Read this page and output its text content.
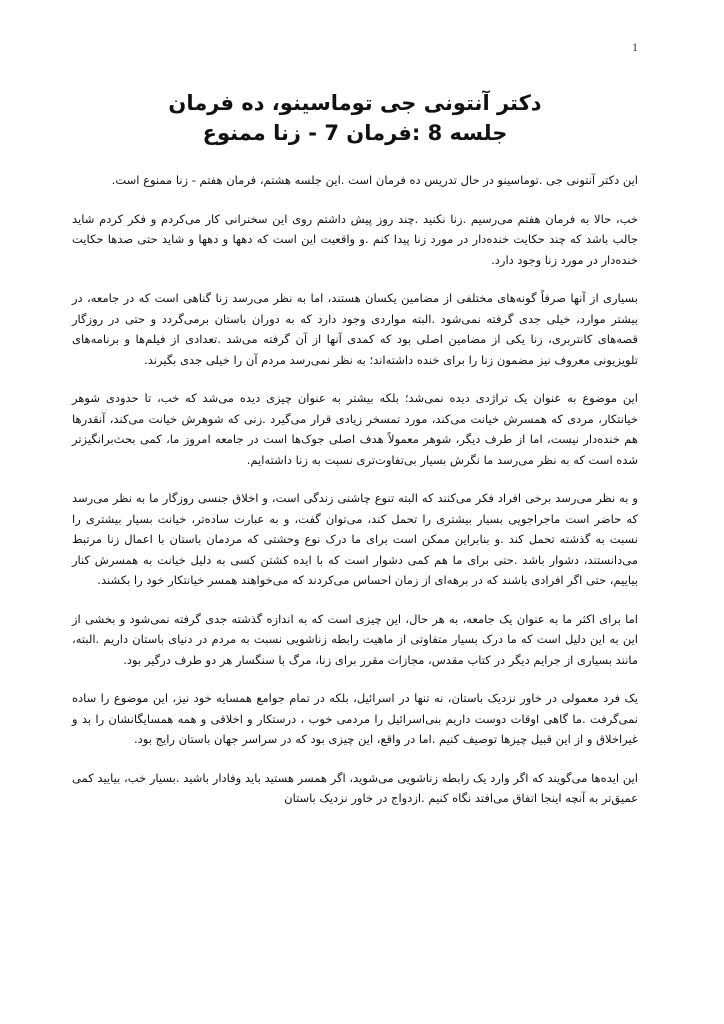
1
دکتر آنتونی جی توماسینو، ده فرمان
جلسه 8 :فرمان 7 - زنا ممنوع

این دکتر آنتونی جی .توماسینو در حال تدریس ده فرمان است .این جلسه هشتم، فرمان هفتم - زنا ممنوع است.

خب، حالا به فرمان هفتم می‌رسیم .زنا نکنید .چند روز پیش داشتم روی این سخنرانی کار می‌کردم و فکر کردم شاید جالب باشد که چند حکایت خنده‌دار در مورد زنا پیدا کنم .و واقعیت این است که دهها و دهها و شاید حتی صدها حکایت خنده‌دار در مورد زنا وجود دارد.

بسیاری از آنها صرفاً گونه‌های مختلفی از مضامین یکسان هستند، اما به نظر می‌رسد زنا گناهی است که در جامعه، در بیشتر موارد، خیلی جدی گرفته نمی‌شود .البته مواردی وجود دارد که به دوران باستان برمی‌گردد و حتی در روزگار قصه‌های کانتربری، زنا یکی از مضامین اصلی بود که کمدی آنها از آن گرفته می‌شد .تعدادی از فیلم‌ها و برنامه‌های تلویزیونی معروف نیز مضمون زنا را برای خنده داشته‌اند؛ به نظر نمی‌رسد مردم آن را خیلی جدی بگیرند.

این موضوع به عنوان یک تراژدی دیده نمی‌شد؛ بلکه بیشتر به عنوان چیزی دیده می‌شد که خب، تا حدودی شوهر خیانتکار، مردی که همسرش خیانت می‌کند، مورد تمسخر زیادی قرار می‌گیرد .زنی که شوهرش خیانت می‌کند، آنقدرها هم خنده‌دار نیست، اما از طرف دیگر، شوهر معمولاً هدف اصلی جوک‌ها است در جامعه امروز ما، کمی بحث‌برانگیزتر شده است که به نظر می‌رسد ما نگرش بسیار بی‌تفاوت‌تری نسبت به زنا داشته‌ایم.

و به نظر می‌رسد برخی افراد فکر می‌کنند که البته تنوع چاشنی زندگی است، و اخلاق جنسی روزگار ما به نظر می‌رسد که حاضر است ماجراجویی بسیار بیشتری را تحمل کند، می‌توان گفت، و به عبارت ساده‌تر، خیانت بسیار بیشتری را نسبت به گذشته تحمل کند .و بنابراین ممکن است برای ما درک نوع وحشتی که مردمان باستان با اعمال زنا مرتبط می‌دانستند، دشوار باشد .حتی برای ما هم کمی دشوار است که با ایده کشتن کسی به دلیل خیانت به همسرش کنار بیاییم، حتی اگر افرادی باشند که در برهه‌ای از زمان احساس می‌کردند که می‌خواهند همسر خیانتکار خود را بکشند.

اما برای اکثر ما به عنوان یک جامعه، به هر حال، این چیزی است که به اندازه گذشته جدی گرفته نمی‌شود و بخشی از این به این دلیل است که ما درک بسیار متفاوتی از ماهیت رابطه زناشویی نسبت به مردم در دنیای باستان داریم .البته، مانند بسیاری از جرایم دیگر در کتاب مقدس، مجازات مقرر برای زنا، مرگ با سنگسار هر دو طرف درگیر بود.

یک فرد معمولی در خاور نزدیک باستان، نه تنها در اسرائیل، بلکه در تمام جوامع همسایه خود نیز، این موضوع را ساده نمی‌گرفت .ما گاهی اوقات دوست داریم بنی‌اسرائیل را مردمی خوب ، درستکار و اخلاقی و همه همسایگانشان را بد و غیراخلاق و از این قبیل چیزها توصیف کنیم .اما در واقع، این چیزی بود که در سراسر جهان باستان رایج بود.

این ایده‌ها می‌گویند که اگر وارد یک رابطه زناشویی می‌شوید، اگر همسر هستید باید وفادار باشید .بسیار خب، بیایید کمی عمیق‌تر به آنچه اینجا اتفاق می‌افتد نگاه کنیم .ازدواج در خاور نزدیک باستان
